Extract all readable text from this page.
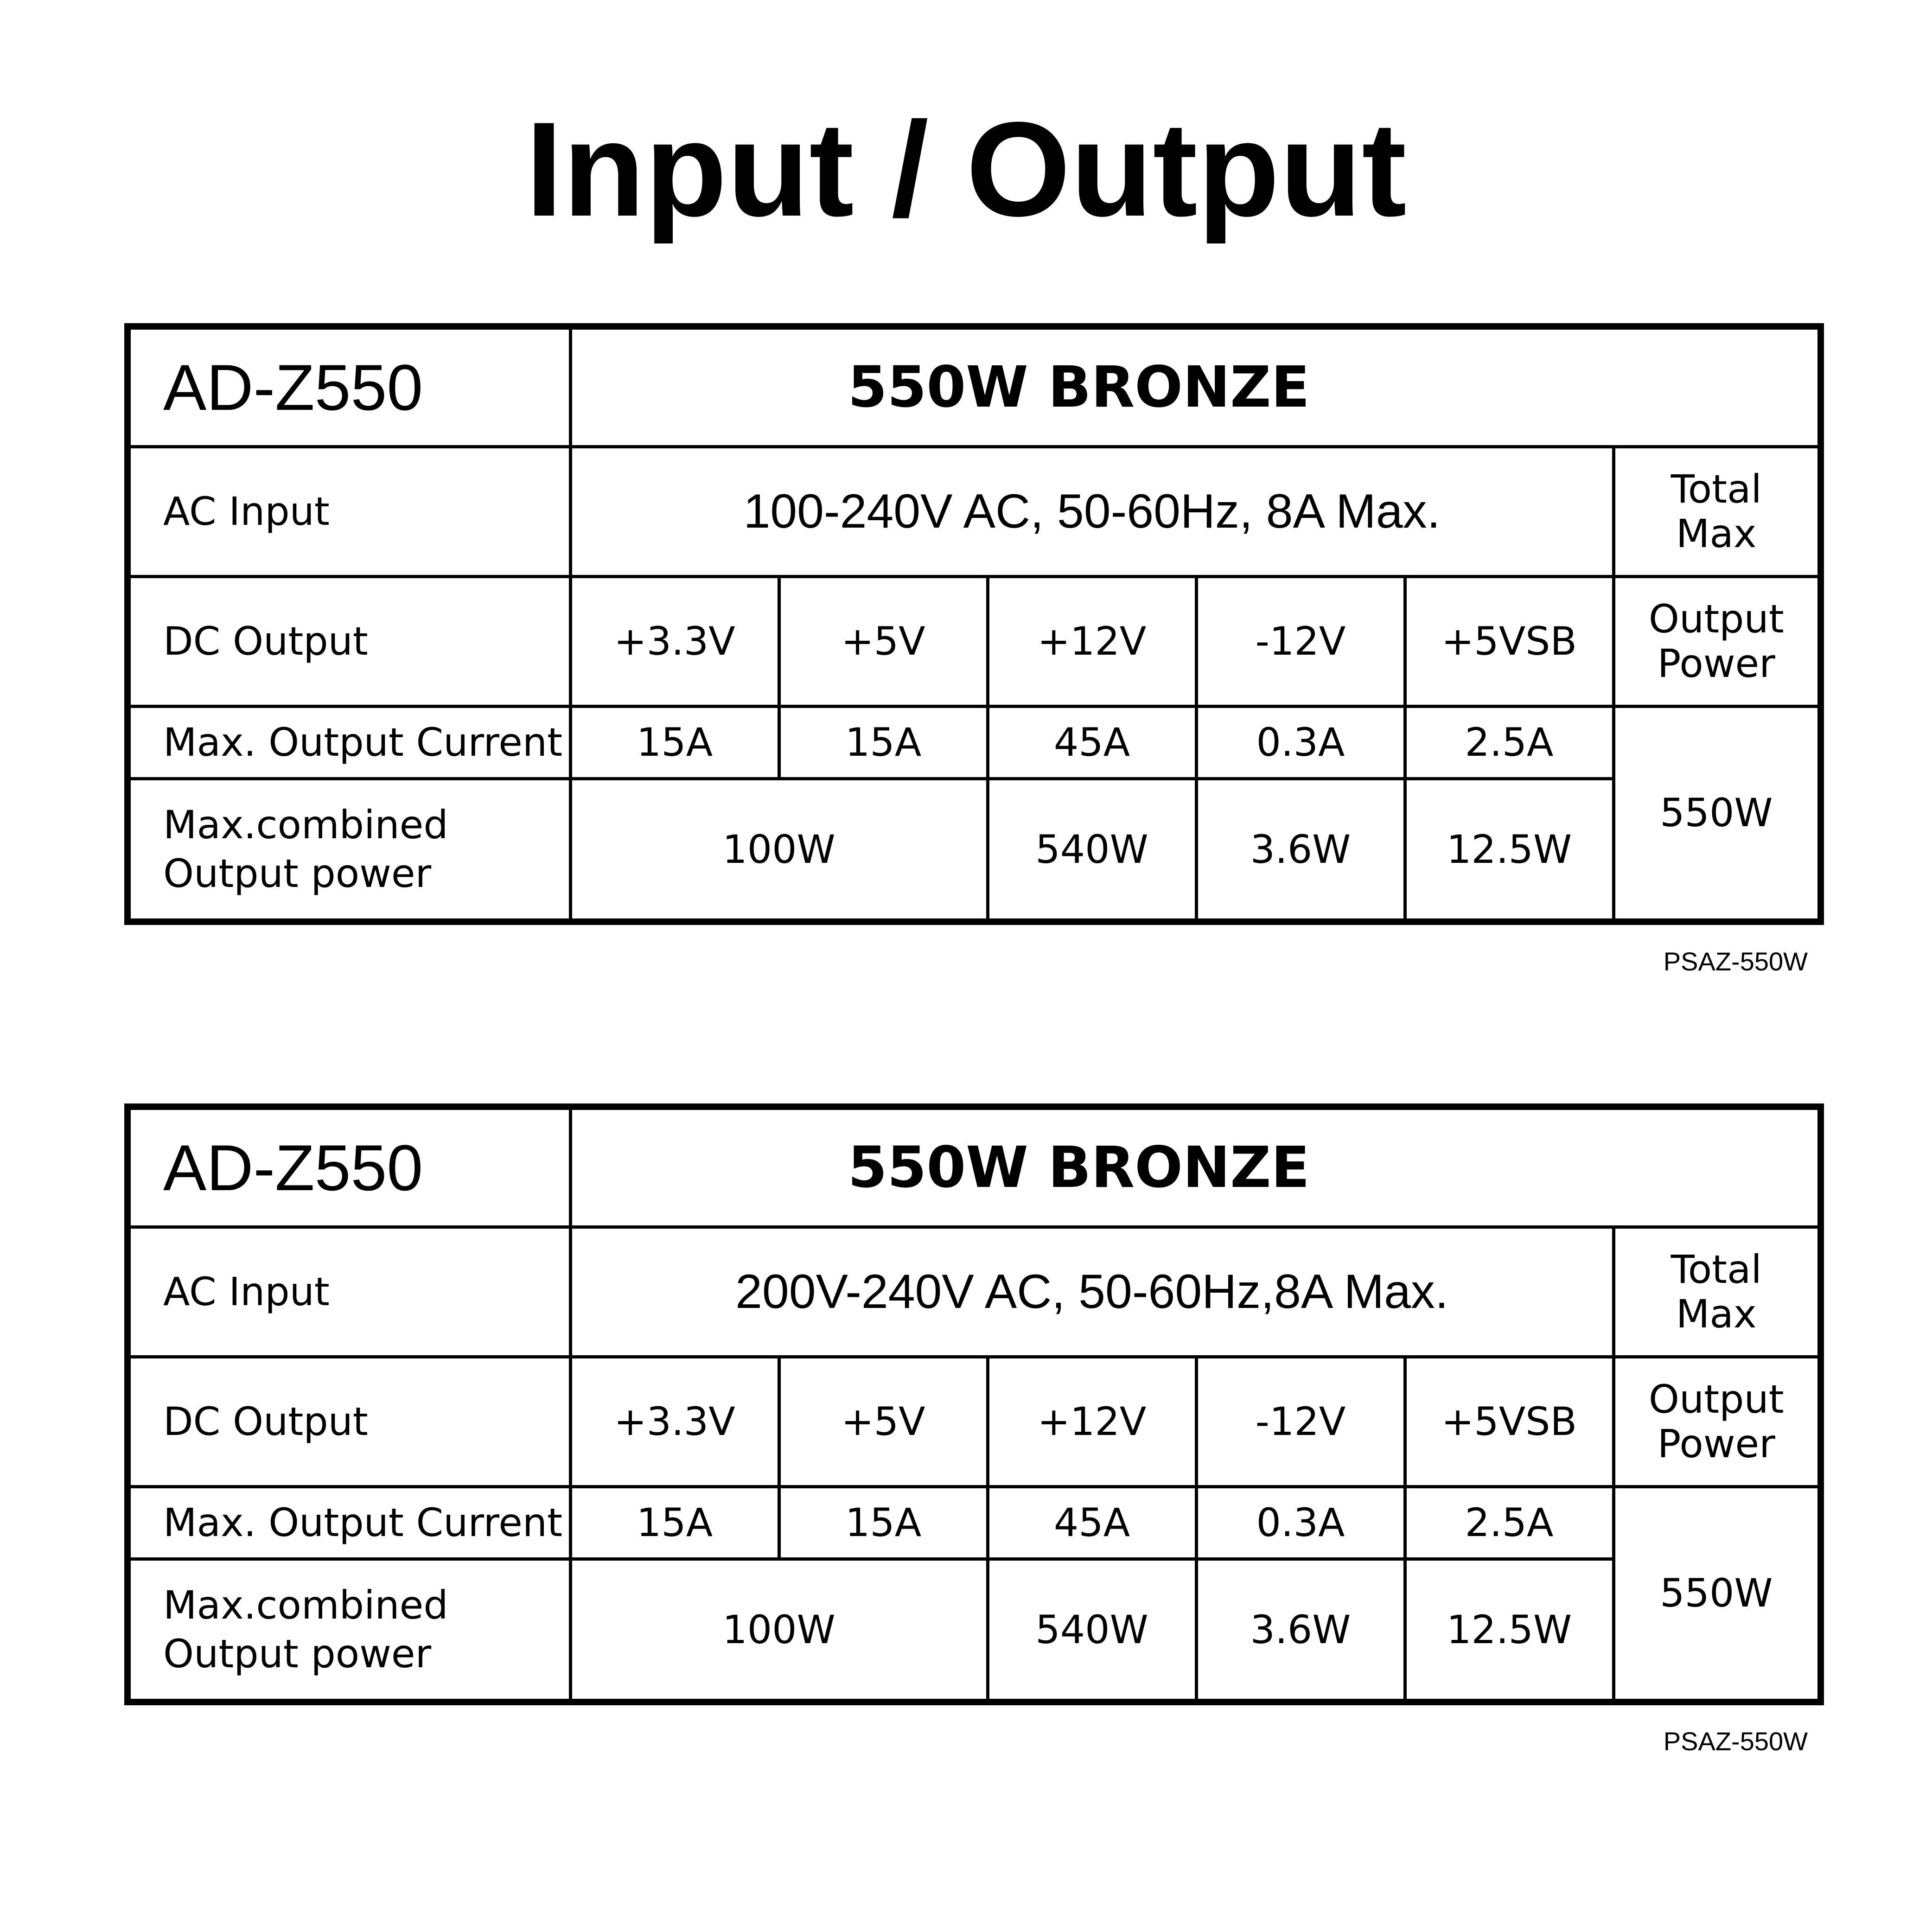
Input / Output
AD-Z550	550W BRONZE					
AC Input	100-240V AC, 50-60Hz, 8A Max.					Total
Max
DC Output	+3.3V	+5V	+12V	-12V	+5VSB	Output
Power
Max. Output Current	15A	15A	45A	0.3A	2.5A	550W
Max.combined
Output power	100W		540W	3.6W	12.5W	
PSAZ-550W
AD-Z550	550W BRONZE					
AC Input	200V-240V AC, 50-60Hz,8A Max.					Total
Max
DC Output	+3.3V	+5V	+12V	-12V	+5VSB	Output
Power
Max. Output Current	15A	15A	45A	0.3A	2.5A	550W
Max.combined
Output power	100W		540W	3.6W	12.5W	
PSAZ-550W
